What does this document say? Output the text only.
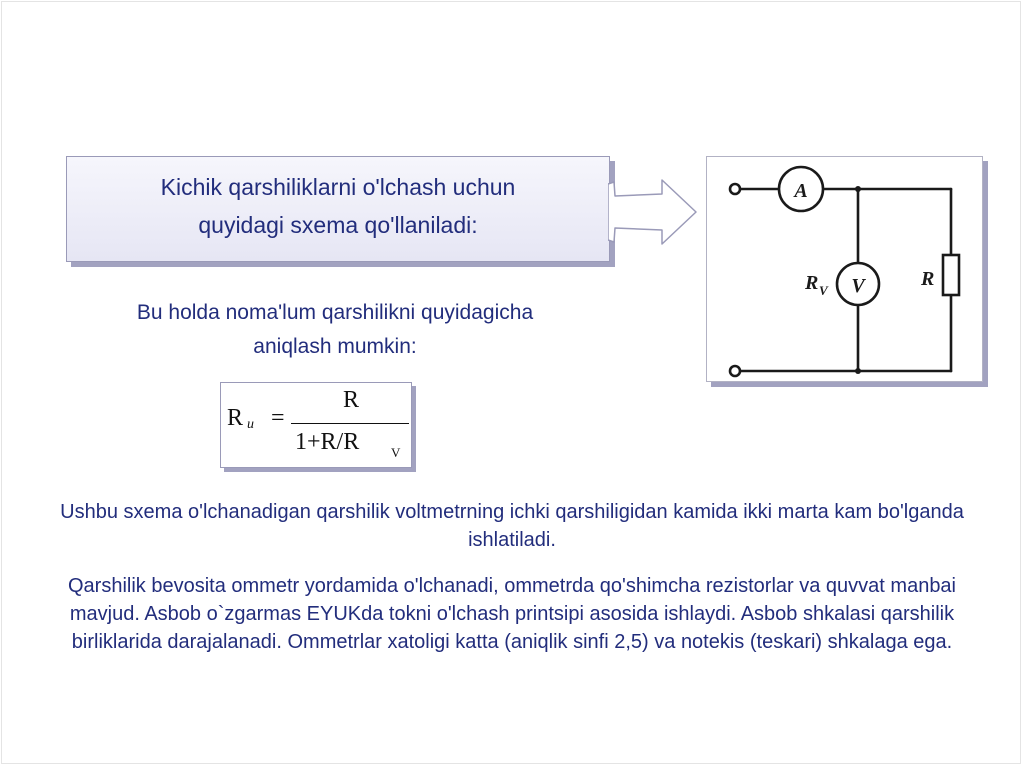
Kichik qarshiliklarni o'lchash uchun
quyidagi sxema qo'llaniladi:
A
V
R V
R
Bu holda noma'lum qarshilikni quyidagicha
aniqlash mumkin:
R и =
R
1+R/R V
Ushbu sxema o'lchanadigan qarshilik voltmetrning ichki qarshiligidan kamida ikki marta kam bo'lganda ishlatiladi.
Qarshilik bevosita ommetr yordamida o'lchanadi, ommetrda qo'shimcha rezistorlar va quvvat manbai mavjud. Asbob o`zgarmas EYUKda tokni o'lchash printsipi asosida ishlaydi. Asbob shkalasi qarshilik birliklarida darajalanadi. Ommetrlar xatoligi katta (aniqlik sinfi 2,5) va notekis (teskari) shkalaga ega.
